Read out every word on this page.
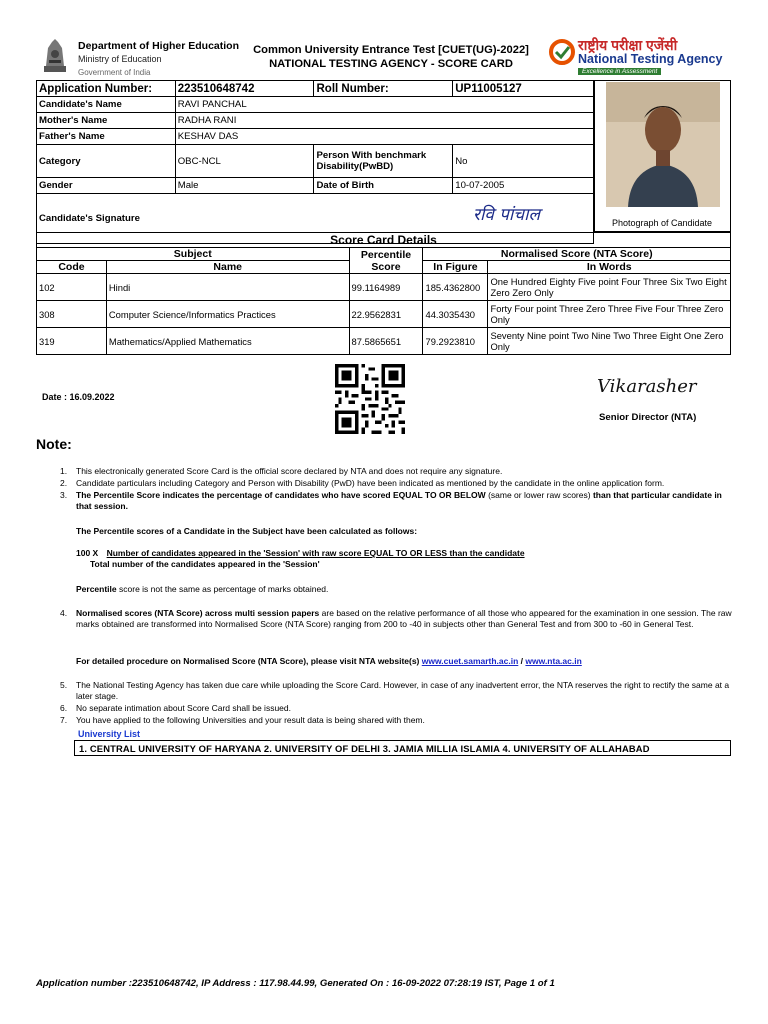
Department of Higher Education
Ministry of Education
Government of India
Common University Entrance Test [CUET(UG)-2022]
NATIONAL TESTING AGENCY - SCORE CARD
राष्ट्रीय परीक्षा एजेंसी
National Testing Agency
Excellence in Assessment
Application Number:	223510648742	Roll Number:	UP11005127
Candidate's Name	RAVI PANCHAL		
Mother's Name	RADHA RANI		
Father's Name	KESHAV DAS		
Category	OBC-NCL	Person With benchmark Disability(PwBD)	No
Gender	Male	Date of Birth	10-07-2005
Candidate's Signature				रवि पांचाल	Photograph of Candidate
Score Card Details				
Subject		Percentile Score	Normalised Score (NTA Score)	
Code	Name		In Figure	In Words
102	Hindi	99.1164989	185.4362800	One Hundred Eighty Five point Four Three Six Two Eight Zero Zero Only
308	Computer Science/Informatics Practices	22.9562831	44.3035430	Forty Four point Three Zero Three Five Four Three Zero Only
319	Mathematics/Applied Mathematics	87.5865651	79.2923810	Seventy Nine point Two Nine Two Three Eight One Zero Only
Date : 16.09.2022	Vikarasher
Senior Director (NTA)
Note:
1. This electronically generated Score Card is the official score declared by NTA and does not require any signature.
2. Candidate particulars including Category and Person with Disability (PwD) have been indicated as mentioned by the candidate in the online application form.
3. The Percentile Score indicates the percentage of candidates who have scored EQUAL TO OR BELOW (same or lower raw scores) than that particular candidate in that session.
The Percentile scores of a Candidate in the Subject have been calculated as follows:
100 X Number of candidates appeared in the 'Session' with raw score EQUAL TO OR LESS than the candidate
Total number of the candidates appeared in the 'Session'
Percentile score is not the same as percentage of marks obtained.
4. Normalised scores (NTA Score) across multi session papers are based on the relative performance of all those who appeared for the examination in one session. The raw marks obtained are transformed into Normalised Score (NTA Score) ranging from 200 to -40 in subjects other than General Test and from 300 to -60 in General Test.
For detailed procedure on Normalised Score (NTA Score), please visit NTA website(s) www.cuet.samarth.ac.in / www.nta.ac.in
5. The National Testing Agency has taken due care while uploading the Score Card. However, in case of any inadvertent error, the NTA reserves the right to rectify the same at a later stage.
6. No separate intimation about Score Card shall be issued.
7. You have applied to the following Universities and your result data is being shared with them.
University List
1. CENTRAL UNIVERSITY OF HARYANA 2. UNIVERSITY OF DELHI 3. JAMIA MILLIA ISLAMIA 4. UNIVERSITY OF ALLAHABAD
Application number :223510648742, IP Address : 117.98.44.99, Generated On : 16-09-2022 07:28:19 IST, Page 1 of 1
